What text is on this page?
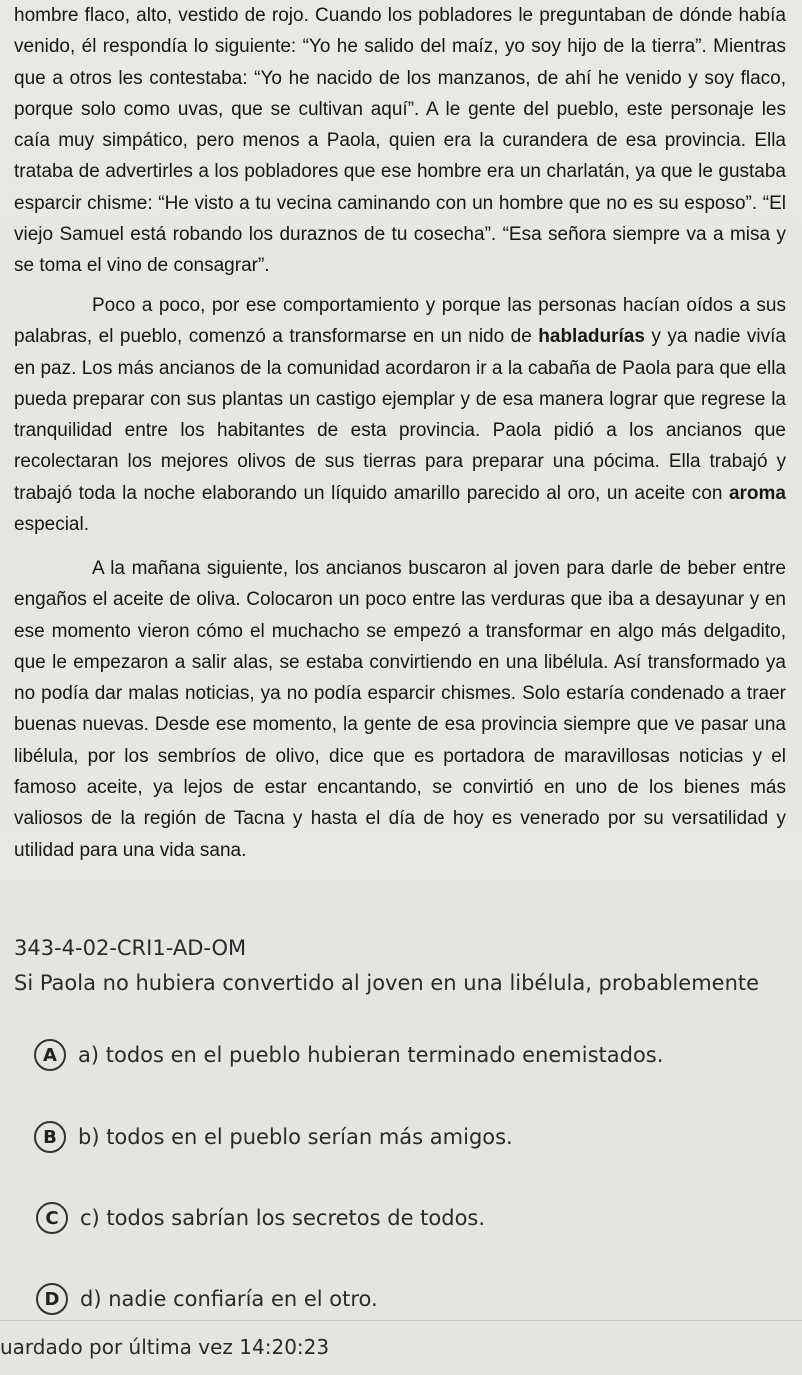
hombre flaco, alto, vestido de rojo. Cuando los pobladores le preguntaban de dónde había venido, él respondía lo siguiente: “Yo he salido del maíz, yo soy hijo de la tierra”. Mientras que a otros les contestaba: “Yo he nacido de los manzanos, de ahí he venido y soy flaco, porque solo como uvas, que se cultivan aquí”. A le gente del pueblo, este personaje les caía muy simpático, pero menos a Paola, quien era la curandera de esa provincia. Ella trataba de advertirles a los pobladores que ese hombre era un charlatán, ya que le gustaba esparcir chisme: “He visto a tu vecina caminando con un hombre que no es su esposo”. “El viejo Samuel está robando los duraznos de tu cosecha”. “Esa señora siempre va a misa y se toma el vino de consagrar”.

Poco a poco, por ese comportamiento y porque las personas hacían oídos a sus palabras, el pueblo, comenzó a transformarse en un nido de habladurías y ya nadie vivía en paz. Los más ancianos de la comunidad acordaron ir a la cabaña de Paola para que ella pueda preparar con sus plantas un castigo ejemplar y de esa manera lograr que regrese la tranquilidad entre los habitantes de esta provincia. Paola pidió a los ancianos que recolectaran los mejores olivos de sus tierras para preparar una pócima. Ella trabajó y trabajó toda la noche elaborando un líquido amarillo parecido al oro, un aceite con aroma especial.

A la mañana siguiente, los ancianos buscaron al joven para darle de beber entre engaños el aceite de oliva. Colocaron un poco entre las verduras que iba a desayunar y en ese momento vieron cómo el muchacho se empezó a transformar en algo más delgadito, que le empezaron a salir alas, se estaba convirtiendo en una libélula. Así transformado ya no podía dar malas noticias, ya no podía esparcir chismes. Solo estaría condenado a traer buenas nuevas. Desde ese momento, la gente de esa provincia siempre que ve pasar una libélula, por los sembríos de olivo, dice que es portadora de maravillosas noticias y el famoso aceite, ya lejos de estar encantando, se convirtió en uno de los bienes más valiosos de la región de Tacna y hasta el día de hoy es venerado por su versatilidad y utilidad para una vida sana.

343-4-02-CRI1-AD-OM
Si Paola no hubiera convertido al joven en una libélula, probablemente
A	a) todos en el pueblo hubieran terminado enemistados.
B	b) todos en el pueblo serían más amigos.
C	c) todos sabrían los secretos de todos.
D d) nadie confiaría en el otro.
uardado por última vez 14:20:23
